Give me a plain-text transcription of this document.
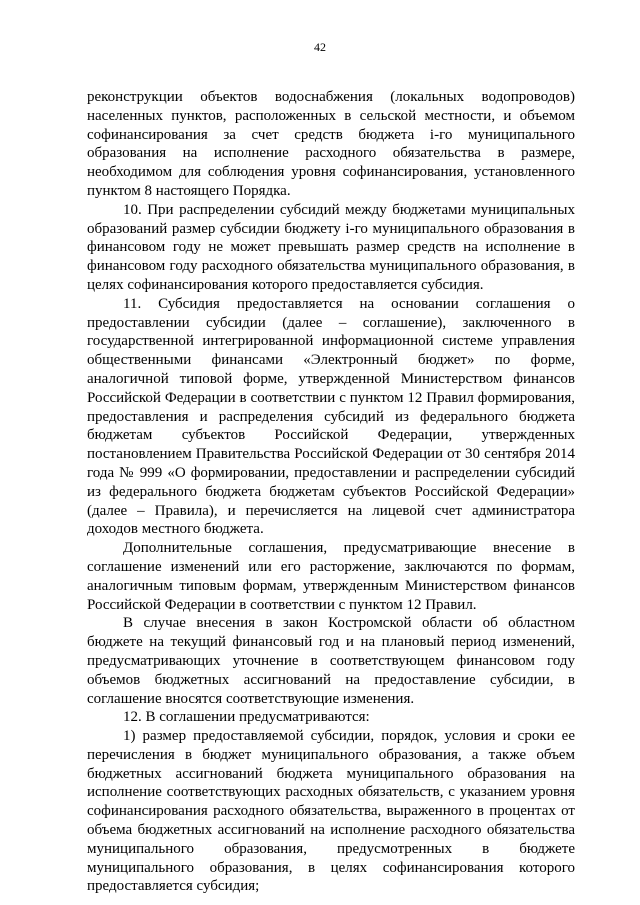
42

реконструкции объектов водоснабжения (локальных водопроводов) населенных пунктов, расположенных в сельской местности, и объемом софинансирования за счет средств бюджета i-го муниципального образования на исполнение расходного обязательства в размере, необходимом для соблюдения уровня софинансирования, установленного пунктом 8 настоящего Порядка.

10. При распределении субсидий между бюджетами муниципальных образований размер субсидии бюджету i-го муниципального образования в финансовом году не может превышать размер средств на исполнение в финансовом году расходного обязательства муниципального образования, в целях софинансирования которого предоставляется субсидия.

11. Субсидия предоставляется на основании соглашения о предоставлении субсидии (далее – соглашение), заключенного в государственной интегрированной информационной системе управления общественными финансами «Электронный бюджет» по форме, аналогичной типовой форме, утвержденной Министерством финансов Российской Федерации в соответствии с пунктом 12 Правил формирования, предоставления и распределения субсидий из федерального бюджета бюджетам субъектов Российской Федерации, утвержденных постановлением Правительства Российской Федерации от 30 сентября 2014 года № 999 «О формировании, предоставлении и распределении субсидий из федерального бюджета бюджетам субъектов Российской Федерации» (далее – Правила), и перечисляется на лицевой счет администратора доходов местного бюджета.

Дополнительные соглашения, предусматривающие внесение в соглашение изменений или его расторжение, заключаются по формам, аналогичным типовым формам, утвержденным Министерством финансов Российской Федерации в соответствии с пунктом 12 Правил.

В случае внесения в закон Костромской области об областном бюджете на текущий финансовый год и на плановый период изменений, предусматривающих уточнение в соответствующем финансовом году объемов бюджетных ассигнований на предоставление субсидии, в соглашение вносятся соответствующие изменения.

12. В соглашении предусматриваются:

1) размер предоставляемой субсидии, порядок, условия и сроки ее перечисления в бюджет муниципального образования, а также объем бюджетных ассигнований бюджета муниципального образования на исполнение соответствующих расходных обязательств, с указанием уровня софинансирования расходного обязательства, выраженного в процентах от объема бюджетных ассигнований на исполнение расходного обязательства муниципального образования, предусмотренных в бюджете муниципального образования, в целях софинансирования которого предоставляется субсидия;
